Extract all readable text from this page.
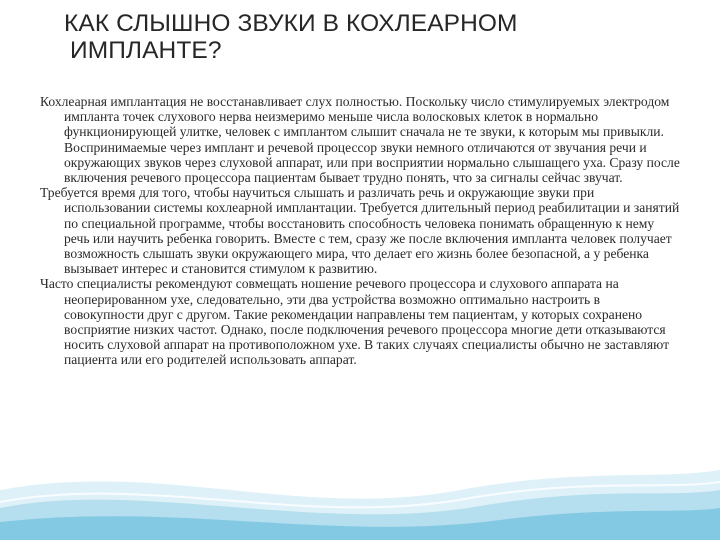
КАК СЛЫШНО ЗВУКИ В КОХЛЕАРНОМ
ИМПЛАНТЕ?

Кохлеарная имплантация не восстанавливает слух полностью. Поскольку число стимулируемых электродом импланта точек слухового нерва неизмеримо меньше числа волосковых клеток в нормально функционирующей улитке, человек с имплантом слышит сначала не те звуки, к которым мы привыкли. Воспринимаемые через имплант и речевой процессор звуки немного отличаются от звучания речи и окружающих звуков через слуховой аппарат, или при восприятии нормально слышащего уха. Сразу после включения речевого процессора пациентам бывает трудно понять, что за сигналы сейчас звучат.

Требуется время для того, чтобы научиться слышать и различать речь и окружающие звуки при использовании системы кохлеарной имплантации. Требуется длительный период реабилитации и занятий по специальной программе, чтобы восстановить способность человека понимать обращенную к нему речь или научить ребенка говорить. Вместе с тем, сразу же после включения импланта человек получает возможность слышать звуки окружающего мира, что делает его жизнь более безопасной, а у ребенка вызывает интерес и становится стимулом к развитию.

Часто специалисты рекомендуют совмещать ношение речевого процессора и слухового аппарата на неоперированном ухе, следовательно, эти два устройства возможно оптимально настроить в совокупности друг с другом. Такие рекомендации направлены тем пациентам, у которых сохранено восприятие низких частот. Однако, после подключения речевого процессора многие дети отказываются носить слуховой аппарат на противоположном ухе. В таких случаях специалисты обычно не заставляют пациента или его родителей использовать аппарат.
